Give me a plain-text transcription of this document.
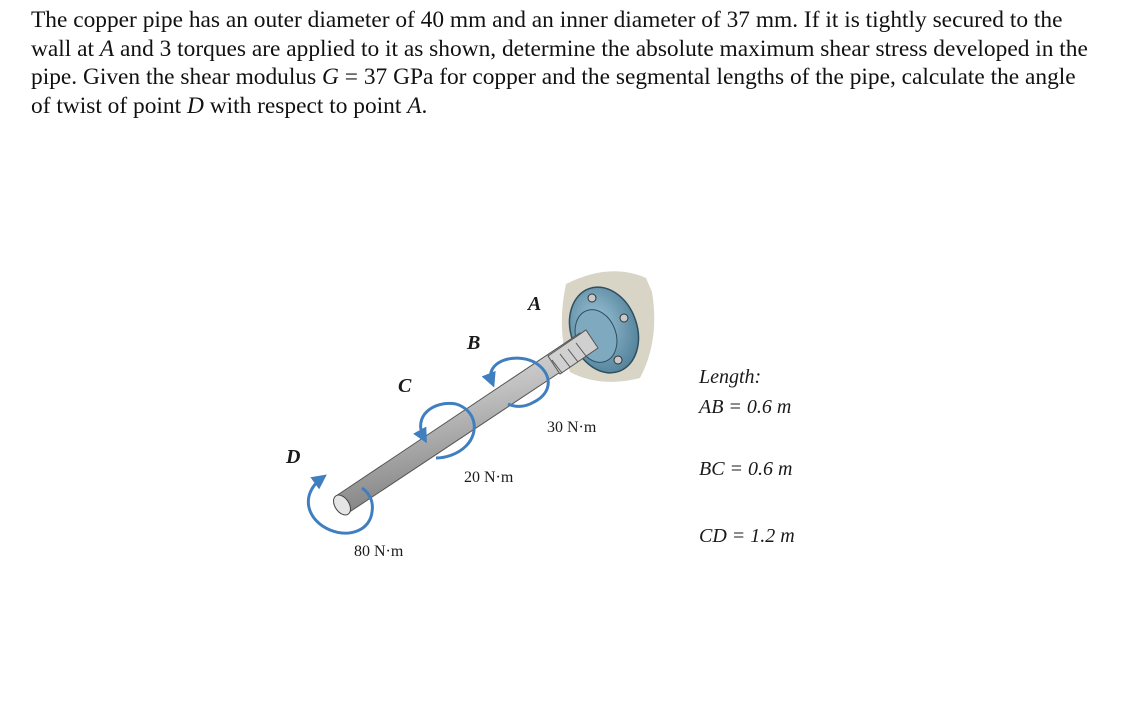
The copper pipe has an outer diameter of 40 mm and an inner diameter of 37 mm. If it is tightly secured to the wall at A and 3 torques are applied to it as shown, determine the absolute maximum shear stress developed in the pipe. Given the shear modulus G = 37 GPa for copper and the segmental lengths of the pipe, calculate the angle of twist of point D with respect to point A.
A
B
C
D
30 N·m
20 N·m
80 N·m
Length:
AB = 0.6 m
BC = 0.6 m
CD = 1.2 m
